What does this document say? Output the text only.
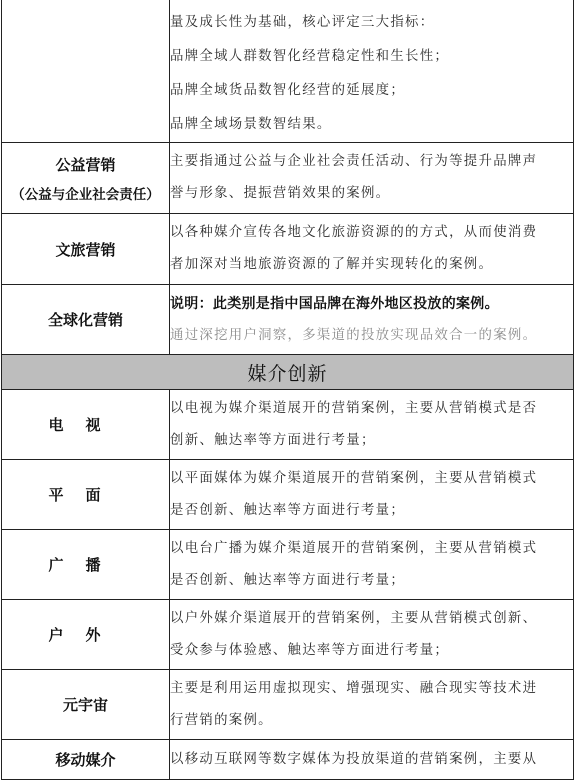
	量及成长性为基础，核心评定三大指标：
品牌全域人群数智化经营稳定性和生长性；
品牌全域货品数智化经营的延展度；
品牌全域场景数智结果。

公益营销
（公益与企业社会责任）	主要指通过公益与企业社会责任活动、行为等提升品牌声
誉与形象、提振营销效果的案例。

文旅营销	以各种媒介宣传各地文化旅游资源的的方式，从而使消费
者加深对当地旅游资源的了解并实现转化的案例。

全球化营销	说明：此类别是指中国品牌在海外地区投放的案例。
通过深挖用户洞察，多渠道的投放实现品效合一的案例。

媒介创新	
电视	以电视为媒介渠道展开的营销案例，主要从营销模式是否
创新、触达率等方面进行考量；

平面	以平面媒体为媒介渠道展开的营销案例，主要从营销模式
是否创新、触达率等方面进行考量；

广播	以电台广播为媒介渠道展开的营销案例，主要从营销模式
是否创新、触达率等方面进行考量；

户外	以户外媒介渠道展开的营销案例，主要从营销模式创新、
受众参与体验感、触达率等方面进行考量；

元宇宙	主要是利用运用虚拟现实、增强现实、融合现实等技术进
行营销的案例。

移动媒介	以移动互联网等数字媒体为投放渠道的营销案例，主要从
